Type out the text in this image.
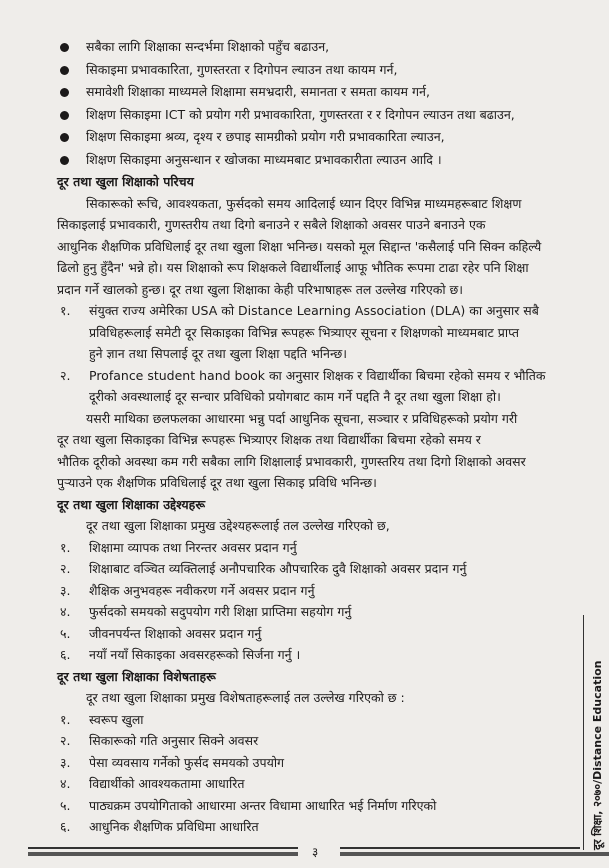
सबैका लागि शिक्षाका सन्दर्भमा शिक्षाको पहुँच बढाउन,
सिकाइमा प्रभावकारिता, गुणस्तरता र दिगोपन ल्याउन तथा कायम गर्न,
समावेशी शिक्षाका माध्यमले शिक्षामा समभ्रदारी, समानता र समता कायम गर्न,
शिक्षण सिकाइमा ICT को प्रयोग गरी प्रभावकारिता, गुणस्तरता र र दिगोपन ल्याउन तथा बढाउन,
शिक्षण सिकाइमा श्रव्य, दृश्य र छपाइ सामग्रीको प्रयोग गरी प्रभावकारिता ल्याउन,
शिक्षण सिकाइमा अनुसन्धान र खोजका माध्यमबाट प्रभावकारीता ल्याउन आदि ।
दूर तथा खुला शिक्षाको परिचय
सिकारूको रूचि, आवश्यकता, फुर्सदको समय आदिलाई ध्यान दिएर विभिन्न माध्यमहरूबाट शिक्षण
सिकाइलाई प्रभावकारी, गुणस्तरीय तथा दिगो बनाउने र सबैले शिक्षाको अवसर पाउने बनाउने एक
आधुनिक शैक्षणिक प्रविधिलाई दूर तथा खुला शिक्षा भनिन्छ। यसको मूल सिद्दान्त 'कसैलाई पनि सिक्न कहिल्यै
ढिलो हुनु हुँदैन' भन्ने हो। यस शिक्षाको रूप शिक्षकले विद्यार्थीलाई आफू भौतिक रूपमा टाढा रहेर पनि शिक्षा
प्रदान गर्ने खालको हुन्छ। दूर तथा खुला शिक्षाका केही परिभाषाहरू तल उल्लेख गरिएको छ।
१.	संयुक्त राज्य अमेरिका USA को Distance Learning Association (DLA) का अनुसार सबै
प्रविधिहरूलाई समेटी दूर सिकाइका विभिन्न रूपहरू भित्र्याएर सूचना र शिक्षणको माध्यमबाट प्राप्त
हुने ज्ञान तथा सिपलाई दूर तथा खुला शिक्षा पद्दति भनिन्छ।
२.	Profance student hand book का अनुसार शिक्षक र विद्यार्थीका बिचमा रहेको समय र भौतिक
दूरीको अवस्थालाई दूर सन्चार प्रविधिको प्रयोगबाट काम गर्ने पद्दति नै दूर तथा खुला शिक्षा हो।
यसरी माथिका छलफलका आधारमा भन्नु पर्दा आधुनिक सूचना, सञ्चार र प्रविधिहरूको प्रयोग गरी
दूर तथा खुला सिकाइका विभिन्न रूपहरू भित्र्याएर शिक्षक तथा विद्यार्थीका बिचमा रहेको समय र
भौतिक दूरीको अवस्था कम गरी सबैका लागि शिक्षालाई प्रभावकारी, गुणस्तरिय तथा दिगो शिक्षाको अवसर
पुर्‍याउने एक शैक्षणिक प्रविधिलाई दूर तथा खुला सिकाइ प्रविधि भनिन्छ।
दूर तथा खुला शिक्षाका उद्देश्यहरू
दूर तथा खुला शिक्षाका प्रमुख उद्देश्यहरूलाई तल उल्लेख गरिएको छ,
१.	शिक्षामा व्यापक तथा निरन्तर अवसर प्रदान गर्नु
२.	शिक्षाबाट वञ्चित व्यक्तिलाई अनौपचारिक औपचारिक दुवै शिक्षाको अवसर प्रदान गर्नु
३.	शैक्षिक अनुभवहरू नवीकरण गर्ने अवसर प्रदान गर्नु
४.	फुर्सदको समयको सदुपयोग गरी शिक्षा प्राप्तिमा सहयोग गर्नु
५.	जीवनपर्यन्त शिक्षाको अवसर प्रदान गर्नु
६.	नयाँ नयाँ सिकाइका अवसरहरूको सिर्जना गर्नु ।
दूर तथा खुला शिक्षाका विशेषताहरू
दूर तथा खुला शिक्षाका प्रमुख विशेषताहरूलाई तल उल्लेख गरिएको छ :
१.	स्वरूप खुला
२.	सिकारूको गति अनुसार सिक्ने अवसर
३.	पेसा व्यवसाय गर्नेको फुर्सद समयको उपयोग
४.	विद्यार्थीको आवश्यकतामा आधारित
५.	पाठ्यक्रम उपयोगिताको आधारमा अन्तर विधामा आधारित भई निर्माण गरिएको
६.	आधुनिक शैक्षणिक प्रविधिमा आधारित
३
दूर शिक्षा, २०७०/Distance Education
